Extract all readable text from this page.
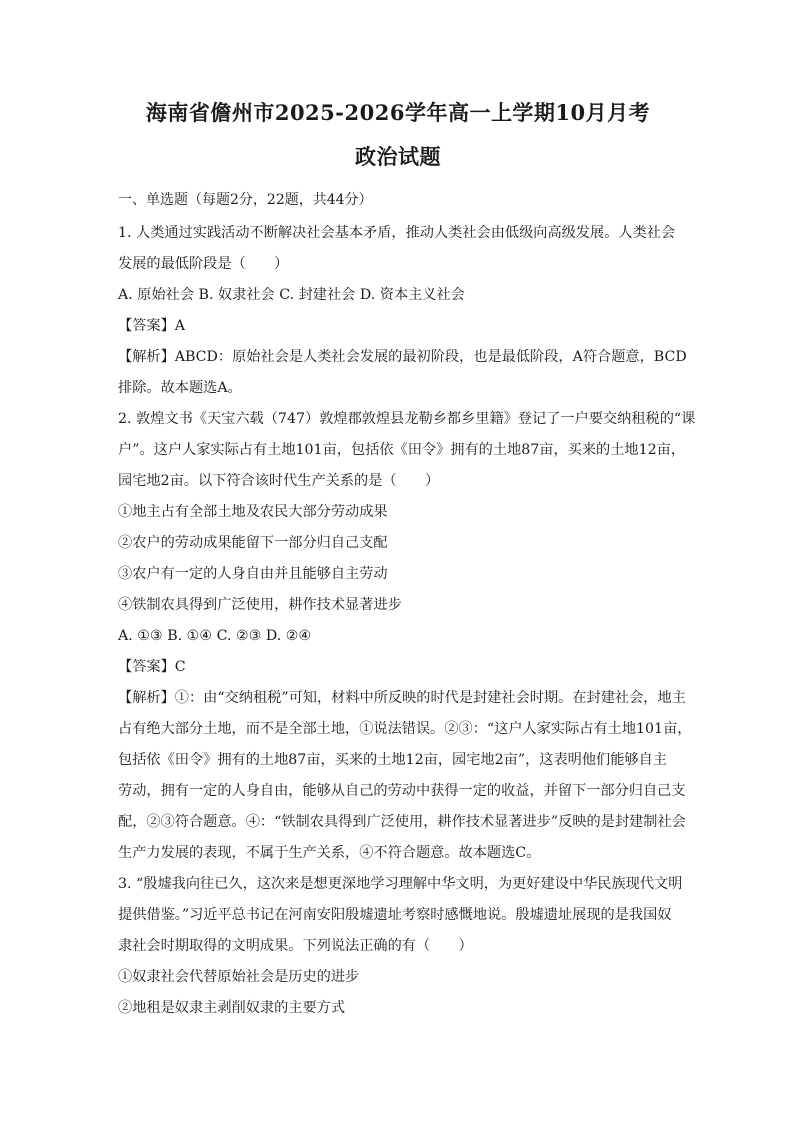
海南省儋州市2025-2026学年高一上学期10月月考
政治试题
一、单选题（每题2分，22题，共44分）

1. 人类通过实践活动不断解决社会基本矛盾，推动人类社会由低级向高级发展。人类社会

发展的最低阶段是（　　）

A. 原始社会 B. 奴隶社会 C. 封建社会 D. 资本主义社会

【答案】A

【解析】ABCD：原始社会是人类社会发展的最初阶段，也是最低阶段，A符合题意，BCD

排除。故本题选A。

2. 敦煌文书《天宝六载（747）敦煌郡敦煌县龙勒乡都乡里籍》登记了一户要交纳租税的“课

户”。这户人家实际占有土地101亩，包括依《田令》拥有的土地87亩，买来的土地12亩，

园宅地2亩。以下符合该时代生产关系的是（　　）

①地主占有全部土地及农民大部分劳动成果

②农户的劳动成果能留下一部分归自己支配

③农户有一定的人身自由并且能够自主劳动

④铁制农具得到广泛使用，耕作技术显著进步

A. ①③ B. ①④ C. ②③ D. ②④

【答案】C

【解析】①：由“交纳租税”可知，材料中所反映的时代是封建社会时期。在封建社会，地主

占有绝大部分土地，而不是全部土地，①说法错误。②③：“这户人家实际占有土地101亩，

包括依《田令》拥有的土地87亩，买来的土地12亩，园宅地2亩”，这表明他们能够自主

劳动，拥有一定的人身自由，能够从自己的劳动中获得一定的收益，并留下一部分归自己支

配，②③符合题意。④：“铁制农具得到广泛使用，耕作技术显著进步”反映的是封建制社会

生产力发展的表现，不属于生产关系，④不符合题意。故本题选C。

3. “殷墟我向往已久，这次来是想更深地学习理解中华文明，为更好建设中华民族现代文明

提供借鉴。”习近平总书记在河南安阳殷墟遗址考察时感慨地说。殷墟遗址展现的是我国奴

隶社会时期取得的文明成果。下列说法正确的有（　　）

①奴隶社会代替原始社会是历史的进步

②地租是奴隶主剥削奴隶的主要方式
